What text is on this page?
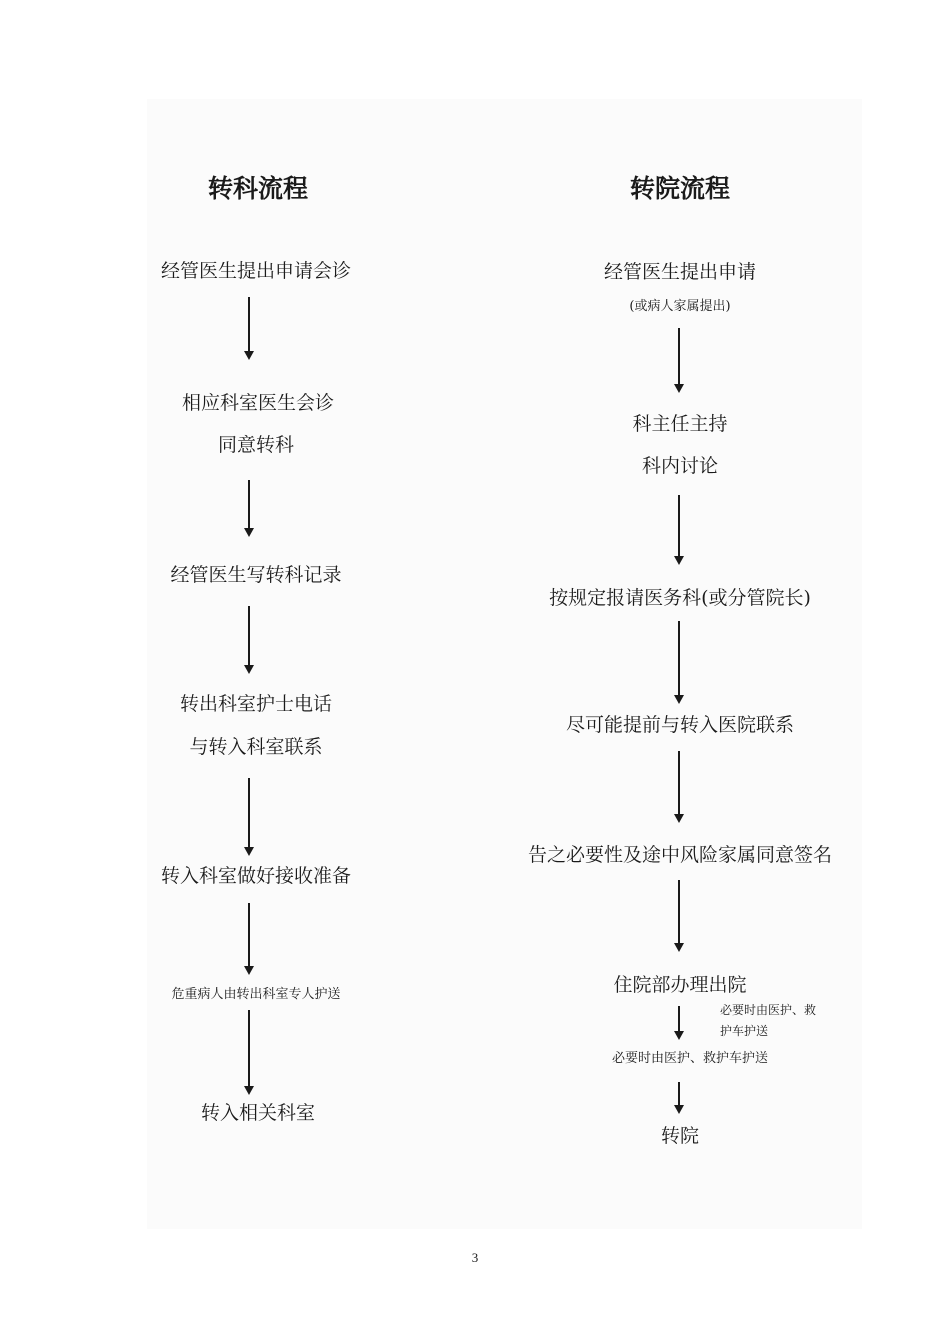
转科流程
经管医生提出申请会诊
相应科室医生会诊
同意转科
经管医生写转科记录
转出科室护士电话
与转入科室联系
转入科室做好接收准备
危重病人由转出科室专人护送
转入相关科室
转院流程
经管医生提出申请
(或病人家属提出)
科主任主持
科内讨论
按规定报请医务科(或分管院长)
尽可能提前与转入医院联系
告之必要性及途中风险家属同意签名
住院部办理出院
必要时由医护、救
护车护送
必要时由医护、救护车护送
转院
3
